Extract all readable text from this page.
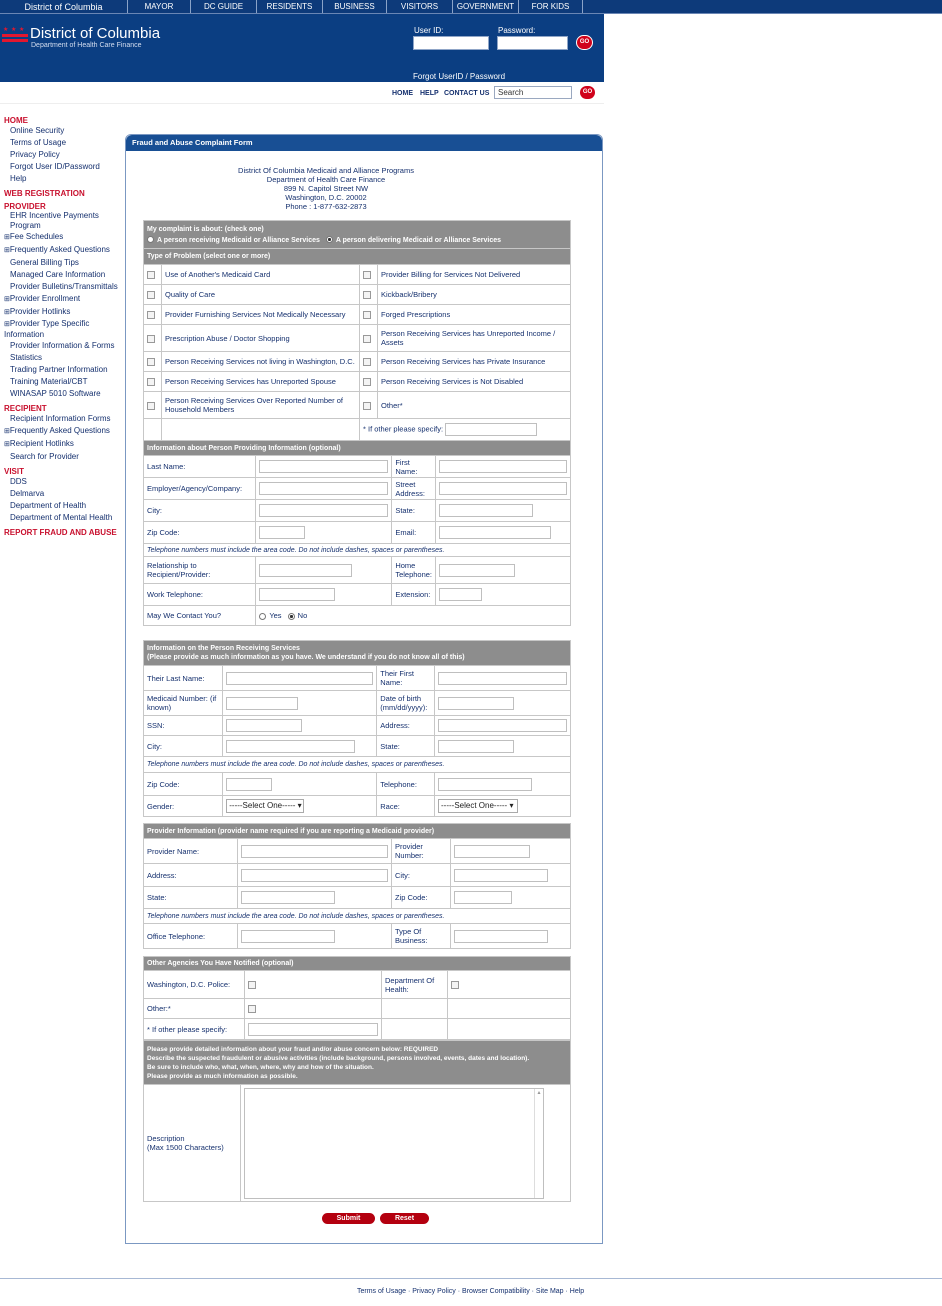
District of Columbia	MAYOR	DC GUIDE	RESIDENTS	BUSINESS	VISITORS	GOVERNMENT	FOR KIDS
★ ★ ★ District of Columbia
Department of Health Care Finance
User ID:	Password:
GO
Forgot UserID / Password
HOME HELP CONTACT US	Search	GO
HOME
Online Security
Terms of Usage
Privacy Policy
Forgot User ID/Password
Help
WEB REGISTRATION
PROVIDER
EHR Incentive Payments Program
⊞ Fee Schedules
⊞ Frequently Asked Questions
General Billing Tips
Managed Care Information
Provider Bulletins/Transmittals
⊞ Provider Enrollment
⊞ Provider Hotlinks
⊞ Provider Type Specific Information
Provider Information & Forms
Statistics
Trading Partner Information
Training Material/CBT
WINASAP 5010 Software
RECIPIENT
Recipient Information Forms
⊞ Frequently Asked Questions
⊞ Recipient Hotlinks
Search for Provider
VISIT
DDS
Delmarva
Department of Health
Department of Mental Health
REPORT FRAUD AND ABUSE
Fraud and Abuse Complaint Form
District Of Columbia Medicaid and Alliance Programs
Department of Health Care Finance
899 N. Capitol Street NW
Washington, D.C. 20002
Phone : 1-877-632-2873
My complaint is about: (check one)
A person receiving Medicaid or Alliance Services A person delivering Medicaid or Alliance Services			

Type of Problem (select one or more)			
	Use of Another's Medicaid Card		Provider Billing for Services Not Delivered
	Quality of Care		Kickback/Bribery
	Provider Furnishing Services Not Medically Necessary		Forged Prescriptions
	Prescription Abuse / Doctor Shopping		Person Receiving Services has Unreported Income / Assets
	Person Receiving Services not living in Washington, D.C.		Person Receiving Services has Private Insurance
	Person Receiving Services has Unreported Spouse		Person Receiving Services is Not Disabled
	Person Receiving Services Over Reported Number of Household Members		Other*
		* If other please specify:	
Information about Person Providing Information (optional)			
Last Name:		First Name:	
Employer/Agency/Company:		Street Address:	
City:		State:	
Zip Code:		Email:	
Telephone numbers must include the area code. Do not include dashes, spaces or parentheses.			
Relationship to Recipient/Provider:		Home Telephone:	
Work Telephone:		Extension:	
May We Contact You?	Yes No		
Information on the Person Receiving Services
(Please provide as much information as you have. We understand if you do not know all of this)			

Their Last Name:		Their First Name:	
Medicaid Number: (if known)		Date of birth (mm/dd/yyyy):	
SSN:		Address:	
City:		State:	
Telephone numbers must include the area code. Do not include dashes, spaces or parentheses.			
Zip Code:		Telephone:	
Gender:	-----Select One----- ▾	Race:	-----Select One----- ▾
Provider Information (provider name required if you are reporting a Medicaid provider)			
Provider Name:		Provider Number:	
Address:		City:	
State:		Zip Code:	
Telephone numbers must include the area code. Do not include dashes, spaces or parentheses.			
Office Telephone:		Type Of Business:	
Other Agencies You Have Notified (optional)			
Washington, D.C. Police:		Department Of Health:	
Other:*			
* If other please specify:			
Please provide detailed information about your fraud and/or abuse concern below: REQUIRED
Describe the suspected fraudulent or abusive activities (include background, persons involved, events, dates and location).
Be sure to include who, what, when, where, why and how of the situation.
Please provide as much information as possible.

Description
(Max 1500 Characters)

▴
Submit	Reset
Terms of Usage · Privacy Policy · Browser Compatibility · Site Map · Help
